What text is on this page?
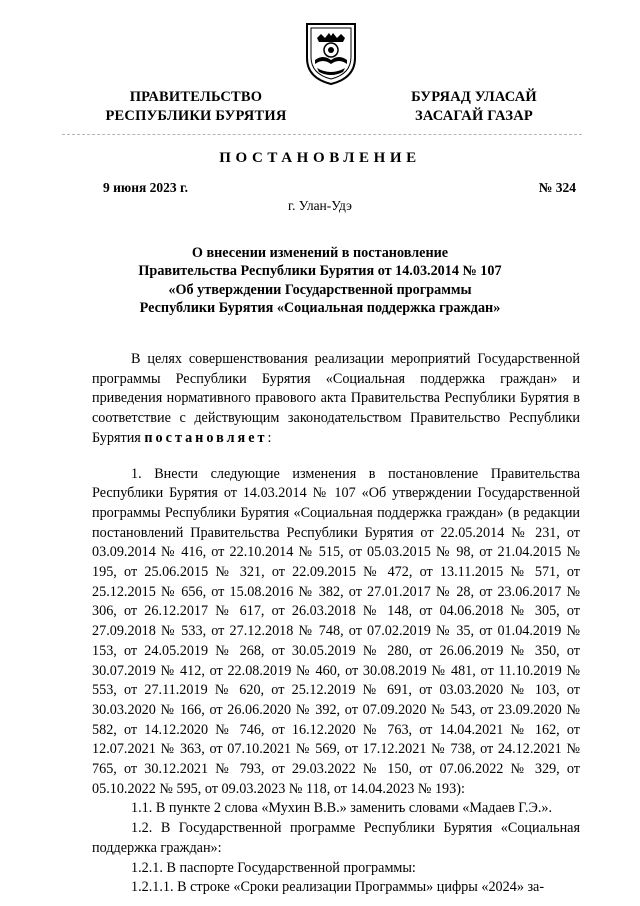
ПРАВИТЕЛЬСТВО
РЕСПУБЛИКИ БУРЯТИЯ
БУРЯАД УЛАСАЙ
ЗАСАГАЙ ГАЗАР
ПОСТАНОВЛЕНИЕ
9 июня 2023 г.	№ 324
г. Улан-Удэ
О внесении изменений в постановление
Правительства Республики Бурятия от 14.03.2014 № 107
«Об утверждении Государственной программы
Республики Бурятия «Социальная поддержка граждан»

В целях совершенствования реализации мероприятий Государственной программы Республики Бурятия «Социальная поддержка граждан» и приведения нормативного правового акта Правительства Республики Бурятия в соответствие с действующим законодательством Правительство Республики Бурятия постановляет:

1. Внести следующие изменения в постановление Правительства Республики Бурятия от 14.03.2014 № 107 «Об утверждении Государственной программы Республики Бурятия «Социальная поддержка граждан» (в редакции постановлений Правительства Республики Бурятия от 22.05.2014 № 231, от 03.09.2014 № 416, от 22.10.2014 № 515, от 05.03.2015 № 98, от 21.04.2015 № 195, от 25.06.2015 № 321, от 22.09.2015 № 472, от 13.11.2015 № 571, от 25.12.2015 № 656, от 15.08.2016 № 382, от 27.01.2017 № 28, от 23.06.2017 № 306, от 26.12.2017 № 617, от 26.03.2018 № 148, от 04.06.2018 № 305, от 27.09.2018 № 533, от 27.12.2018 № 748, от 07.02.2019 № 35, от 01.04.2019 № 153, от 24.05.2019 № 268, от 30.05.2019 № 280, от 26.06.2019 № 350, от 30.07.2019 № 412, от 22.08.2019 № 460, от 30.08.2019 № 481, от 11.10.2019 № 553, от 27.11.2019 № 620, от 25.12.2019 № 691, от 03.03.2020 № 103, от 30.03.2020 № 166, от 26.06.2020 № 392, от 07.09.2020 № 543, от 23.09.2020 № 582, от 14.12.2020 № 746, от 16.12.2020 № 763, от 14.04.2021 № 162, от 12.07.2021 № 363, от 07.10.2021 № 569, от 17.12.2021 № 738, от 24.12.2021 № 765, от 30.12.2021 № 793, от 29.03.2022 № 150, от 07.06.2022 № 329, от 05.10.2022 № 595, от 09.03.2023 № 118, от 14.04.2023 № 193):

1.1. В пункте 2 слова «Мухин В.В.» заменить словами «Мадаев Г.Э.».

1.2. В Государственной программе Республики Бурятия «Социальная поддержка граждан»:

1.2.1. В паспорте Государственной программы:

1.2.1.1. В строке «Сроки реализации Программы» цифры «2024» за-
